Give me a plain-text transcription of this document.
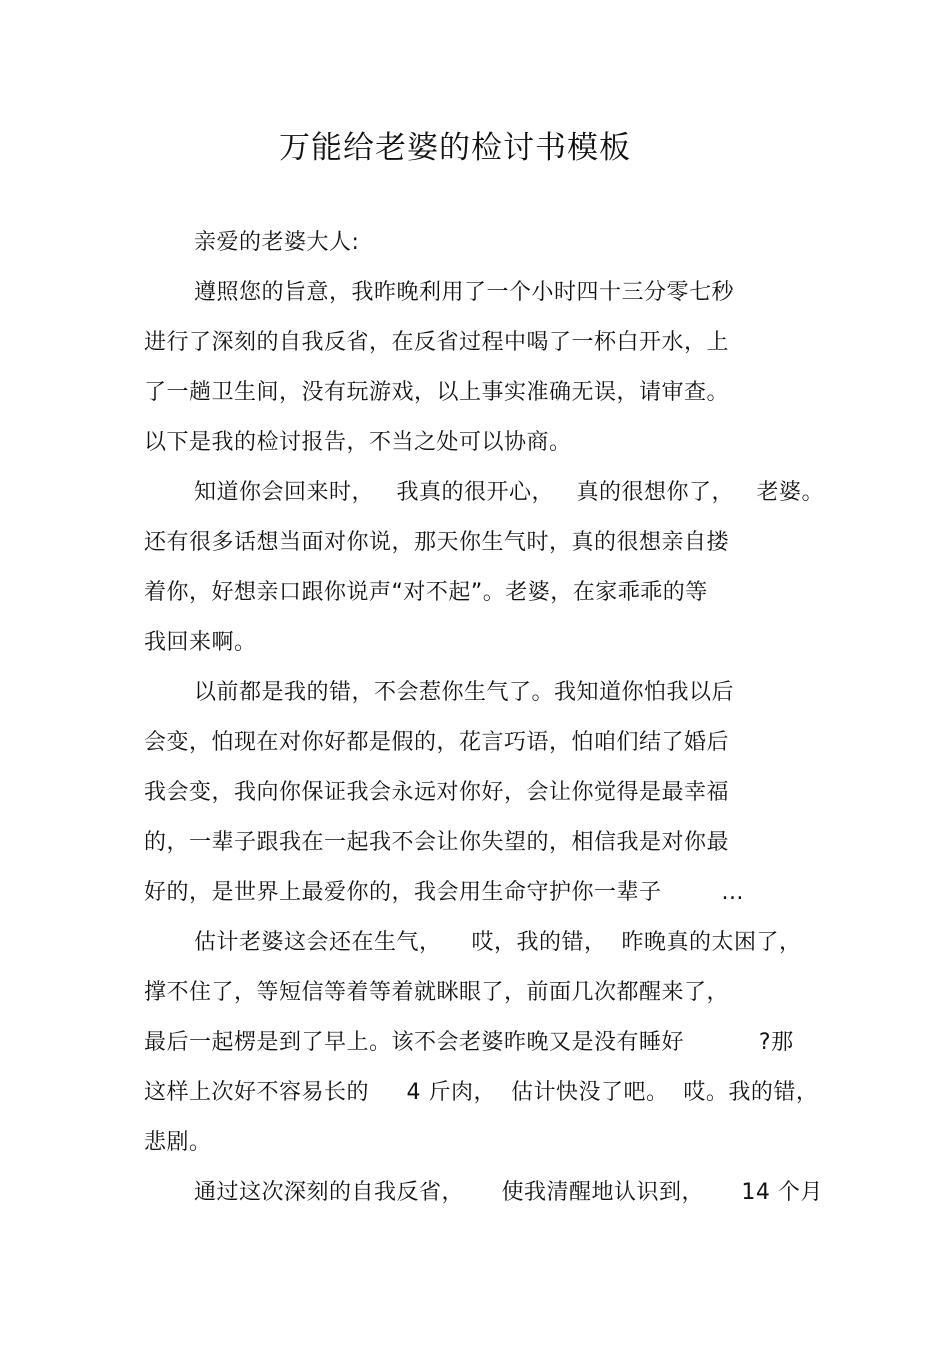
万能给老婆的检讨书模板
亲爱的老婆大人:
遵照您的旨意，我昨晚利用了一个小时四十三分零七秒
进行了深刻的自我反省，在反省过程中喝了一杯白开水，上
了一趟卫生间，没有玩游戏，以上事实准确无误，请审查。
以下是我的检讨报告，不当之处可以协商。
知道你会回来时，   我真的很开心，   真的很想你了，   老婆。
还有很多话想当面对你说，那天你生气时，真的很想亲自搂
着你，好想亲口跟你说声“对不起”。老婆，在家乖乖的等
我回来啊。
以前都是我的错，不会惹你生气了。我知道你怕我以后
会变，怕现在对你好都是假的，花言巧语，怕咱们结了婚后
我会变，我向你保证我会永远对你好，会让你觉得是最幸福
的，一辈子跟我在一起我不会让你失望的，相信我是对你最
好的，是世界上最爱你的，我会用生命守护你一辈子        ...
估计老婆这会还在生气，    哎，我的错，  昨晚真的太困了，
撑不住了，等短信等着等着就眯眼了，前面几次都醒来了，
最后一起楞是到了早上。该不会老婆昨晚又是没有睡好          ?那
这样上次好不容易长的     4 斤肉，  估计快没了吧。  哎。我的错，
悲剧。
通过这次深刻的自我反省，     使我清醒地认识到，     14 个月
